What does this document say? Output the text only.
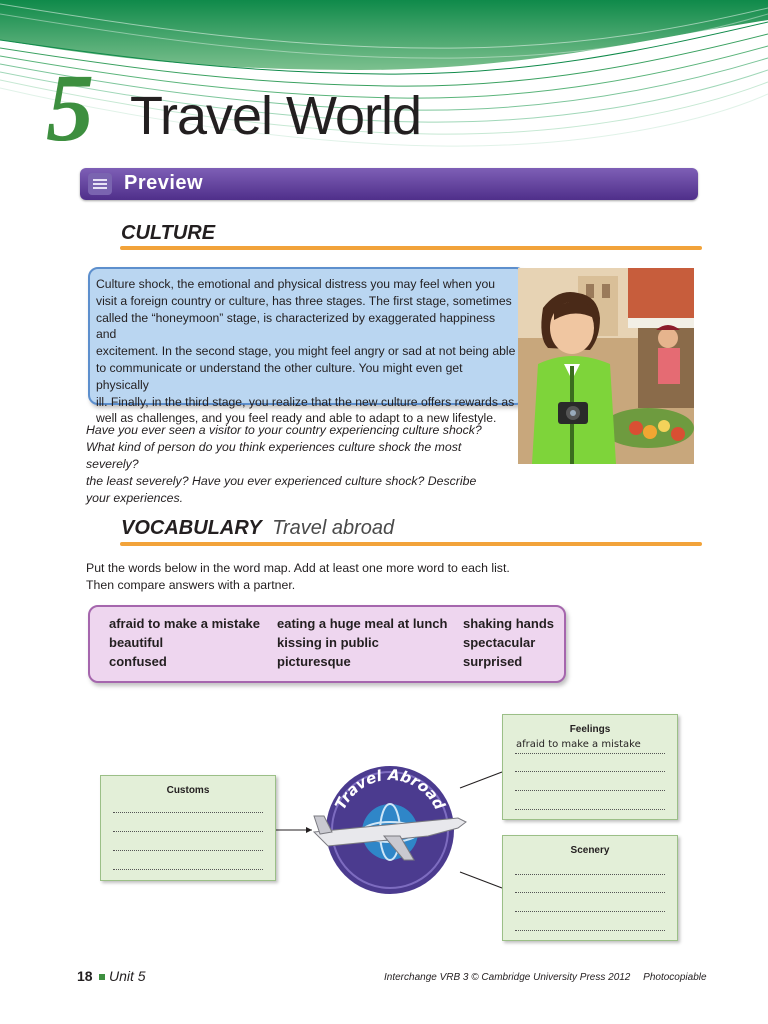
5 Travel World
Preview
CULTURE
Culture shock, the emotional and physical distress you may feel when you
visit a foreign country or culture, has three stages. The first stage, sometimes
called the “honeymoon” stage, is characterized by exaggerated happiness and
excitement. In the second stage, you might feel angry or sad at not being able
to communicate or understand the other culture. You might even get physically
ill. Finally, in the third stage, you realize that the new culture offers rewards as
well as challenges, and you feel ready and able to adapt to a new lifestyle.
Have you ever seen a visitor to your country experiencing culture shock?
What kind of person do you think experiences culture shock the most severely?
the least severely? Have you ever experienced culture shock? Describe
your experiences.
VOCABULARY Travel abroad
Put the words below in the word map. Add at least one more word to each list.
Then compare answers with a partner.
afraid to make a mistake
beautiful
confused
eating a huge meal at lunch
kissing in public
picturesque
shaking hands
spectacular
surprised
Travel Abroad
Feelings
afraid to make a mistake
Customs
Scenery
18 Unit 5	Interchange VRB 3 © Cambridge University Press 2012 Photocopiable
